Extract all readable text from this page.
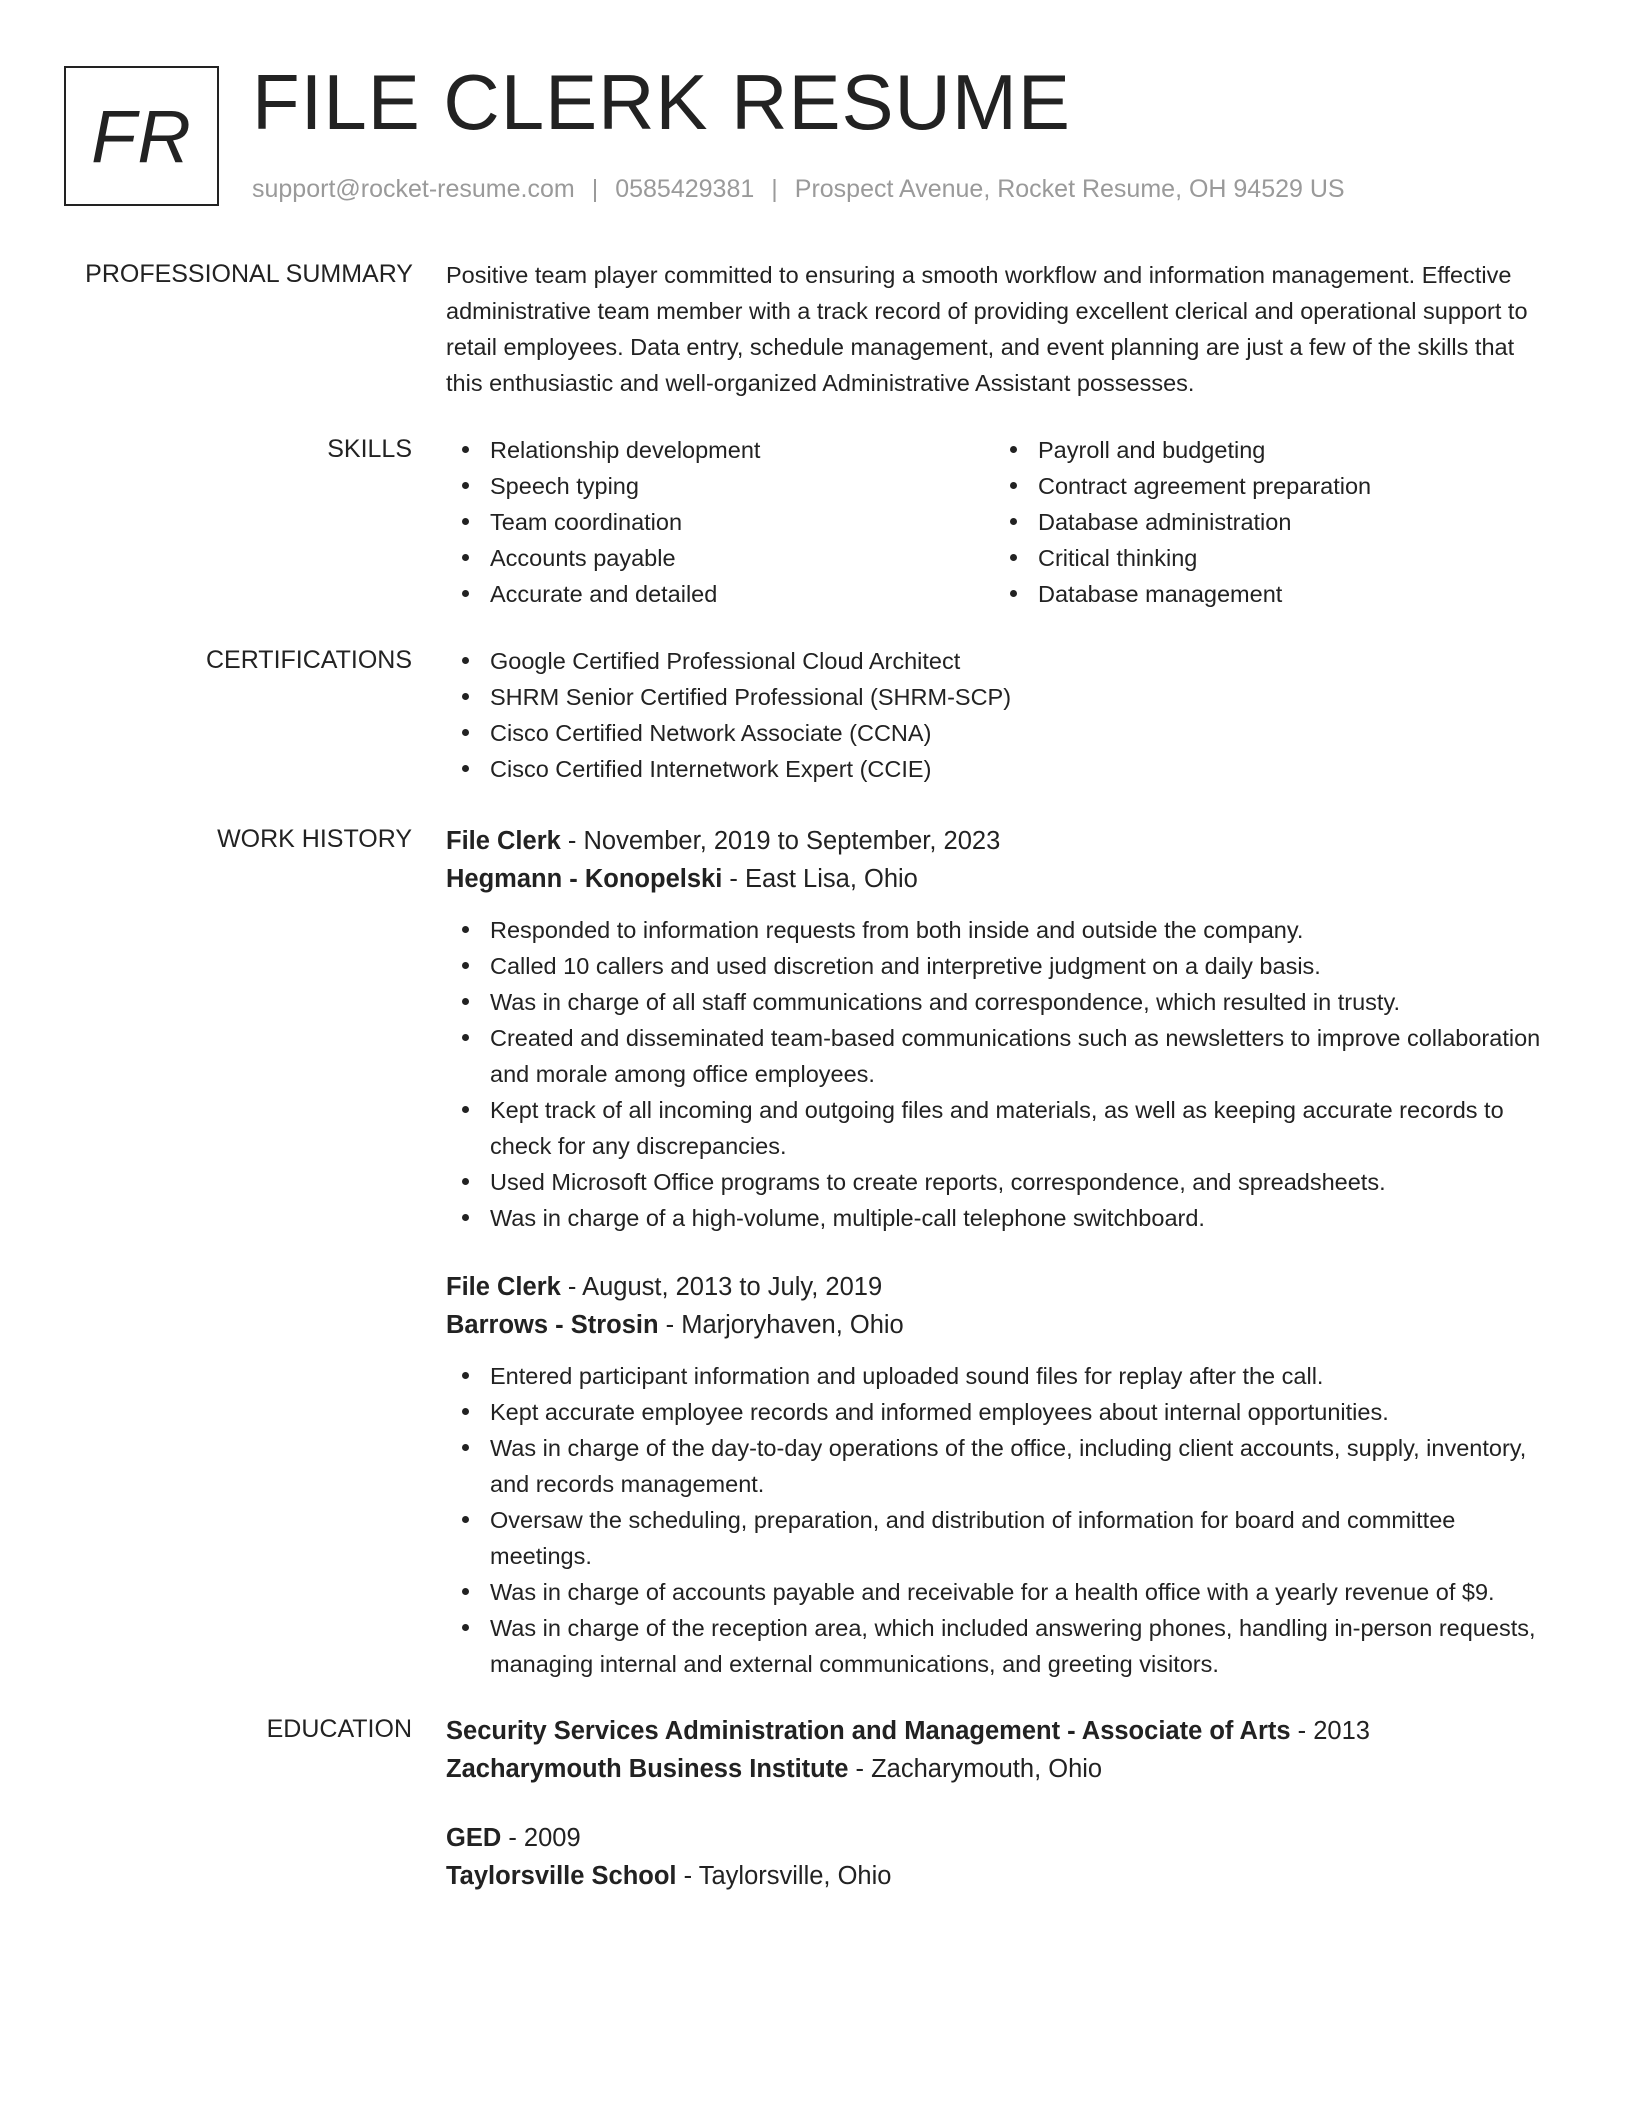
FR FILE CLERK RESUME
support@rocket-resume.com | 0585429381 | Prospect Avenue, Rocket Resume, OH 94529 US
PROFESSIONAL SUMMARY Positive team player committed to ensuring a smooth workflow and information management. Effective administrative team member with a track record of providing excellent clerical and operational support to retail employees. Data entry, schedule management, and event planning are just a few of the skills that this enthusiastic and well-organized Administrative Assistant possesses.

SKILLS	Relationship development
Speech typing
Team coordination
Accounts payable
Accurate and detailed
Payroll and budgeting
Contract agreement preparation
Database administration
Critical thinking
Database management
CERTIFICATIONS	Google Certified Professional Cloud Architect
SHRM Senior Certified Professional (SHRM-SCP)
Cisco Certified Network Associate (CCNA)
Cisco Certified Internetwork Expert (CCIE)
WORK HISTORY File Clerk - November, 2019 to September, 2023
Hegmann - Konopelski - East Lisa, Ohio
Responded to information requests from both inside and outside the company.
Called 10 callers and used discretion and interpretive judgment on a daily basis.
Was in charge of all staff communications and correspondence, which resulted in trusty.
Created and disseminated team-based communications such as newsletters to improve collaboration and morale among office employees.
Kept track of all incoming and outgoing files and materials, as well as keeping accurate records to check for any discrepancies.
Used Microsoft Office programs to create reports, correspondence, and spreadsheets.
Was in charge of a high-volume, multiple-call telephone switchboard.
File Clerk - August, 2013 to July, 2019
Barrows - Strosin - Marjoryhaven, Ohio
Entered participant information and uploaded sound files for replay after the call.
Kept accurate employee records and informed employees about internal opportunities.
Was in charge of the day-to-day operations of the office, including client accounts, supply, inventory, and records management.
Oversaw the scheduling, preparation, and distribution of information for board and committee meetings.
Was in charge of accounts payable and receivable for a health office with a yearly revenue of $9.
Was in charge of the reception area, which included answering phones, handling in-person requests, managing internal and external communications, and greeting visitors.
EDUCATION Security Services Administration and Management - Associate of Arts - 2013
Zacharymouth Business Institute - Zacharymouth, Ohio
GED - 2009
Taylorsville School - Taylorsville, Ohio
